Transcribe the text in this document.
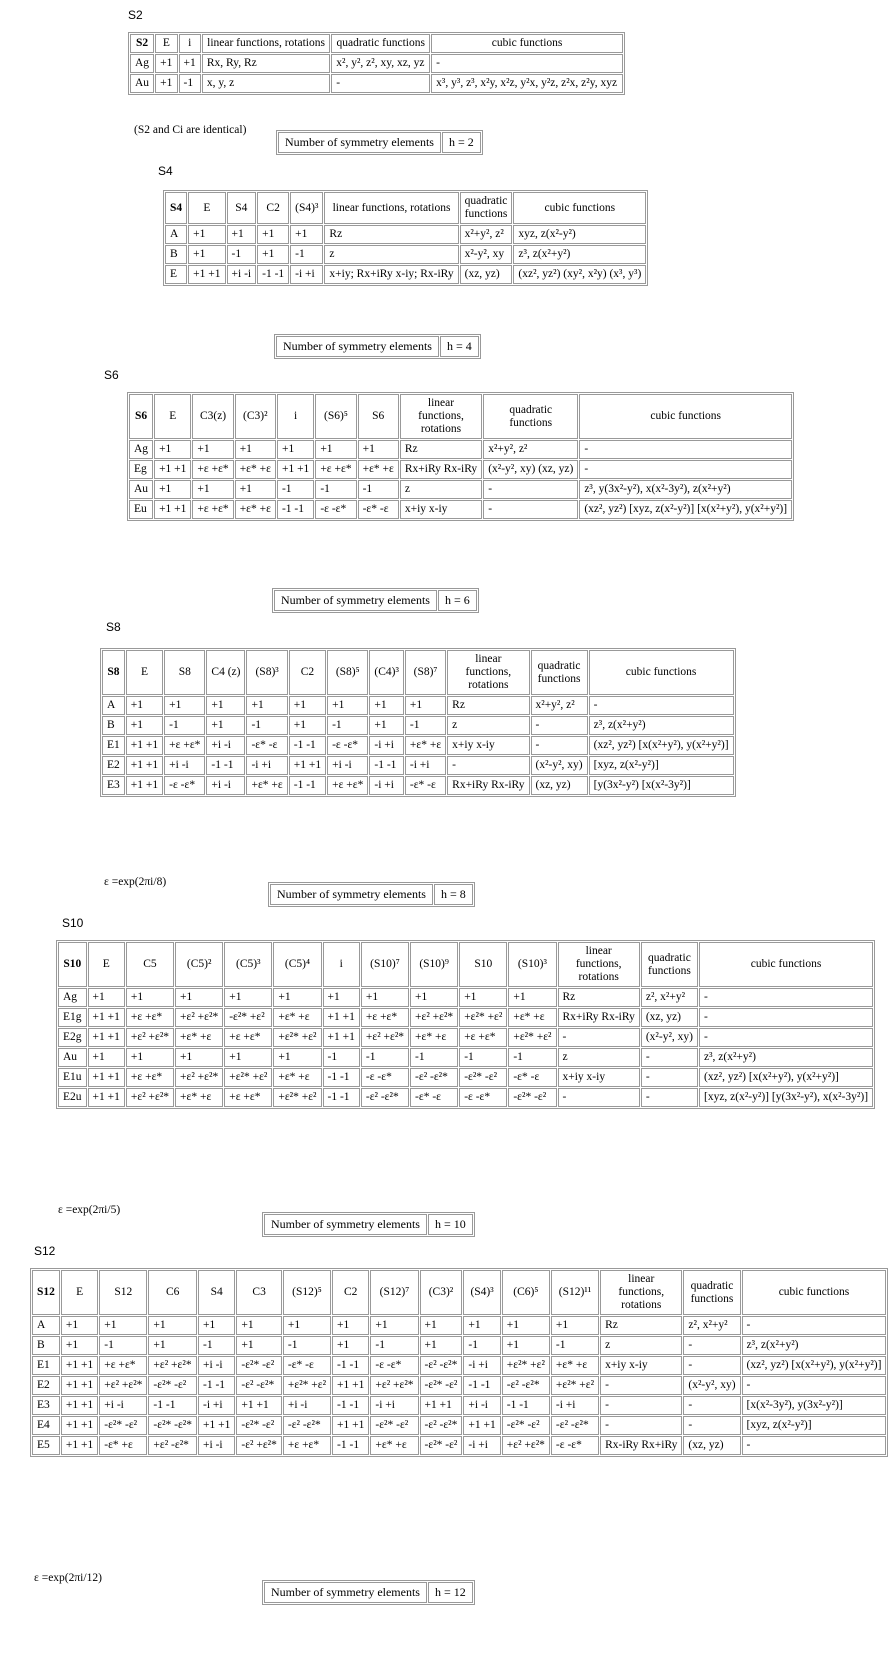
S2
S2	E	i	linear functions, rotations	quadratic functions	cubic functions
Ag	+1	+1	Rx, Ry, Rz	x², y², z², xy, xz, yz	-
Au	+1	-1	x, y, z	-	x³, y³, z³, x²y, x²z, y²x, y²z, z²x, z²y, xyz
(S2 and Ci are identical)
Number of symmetry elements	h = 2
S4
S4	E	S4	C2	(S4)³	linear functions, rotations	quadratic functions	cubic functions
A	+1	+1	+1	+1	Rz	x²+y², z²	xyz, z(x²-y²)
B	+1	-1	+1	-1	z	x²-y², xy	z³, z(x²+y²)
E	+1 +1	+i -i	-1 -1	-i +i	x+iy; Rx+iRy x-iy; Rx-iRy	(xz, yz)	(xz², yz²) (xy², x²y) (x³, y³)
Number of symmetry elements	h = 4
S6
S6	E	C3(z)	(C3)²	i	(S6)⁵	S6	linear functions, rotations	quadratic functions	cubic functions
Ag	+1	+1	+1	+1	+1	+1	Rz	x²+y², z²	-
Eg	+1 +1	+ε +ε*	+ε* +ε	+1 +1	+ε +ε*	+ε* +ε	Rx+iRy Rx-iRy	(x²-y², xy) (xz, yz)	-
Au	+1	+1	+1	-1	-1	-1	z	-	z³, y(3x²-y²), x(x²-3y²), z(x²+y²)
Eu	+1 +1	+ε +ε*	+ε* +ε	-1 -1	-ε -ε*	-ε* -ε	x+iy x-iy	-	(xz², yz²) [xyz, z(x²-y²)] [x(x²+y²), y(x²+y²)]
Number of symmetry elements	h = 6
S8
S8	E	S8	C4 (z)	(S8)³	C2	(S8)⁵	(C4)³	(S8)⁷	linear functions, rotations	quadratic functions	cubic functions
A	+1	+1	+1	+1	+1	+1	+1	+1	Rz	x²+y², z²	-
B	+1	-1	+1	-1	+1	-1	+1	-1	z	-	z³, z(x²+y²)
E1	+1 +1	+ε +ε*	+i -i	-ε* -ε	-1 -1	-ε -ε*	-i +i	+ε* +ε	x+iy x-iy	-	(xz², yz²) [x(x²+y²), y(x²+y²)]
E2	+1 +1	+i -i	-1 -1	-i +i	+1 +1	+i -i	-1 -1	-i +i	-	(x²-y², xy)	[xyz, z(x²-y²)]
E3	+1 +1	-ε -ε*	+i -i	+ε* +ε	-1 -1	+ε +ε*	-i +i	-ε* -ε	Rx+iRy Rx-iRy	(xz, yz)	[y(3x²-y²) [x(x²-3y²)]
ε =exp(2πi/8)
Number of symmetry elements	h = 8
S10
S10	E	C5	(C5)²	(C5)³	(C5)⁴	i	(S10)⁷	(S10)⁹	S10	(S10)³	linear functions, rotations	quadratic functions	cubic functions
Ag	+1	+1	+1	+1	+1	+1	+1	+1	+1	+1	Rz	z², x²+y²	-
E1g	+1 +1	+ε +ε*	+ε² +ε²*	-ε²* +ε²	+ε* +ε	+1 +1	+ε +ε*	+ε² +ε²*	+ε²* +ε²	+ε* +ε	Rx+iRy Rx-iRy	(xz, yz)	-
E2g	+1 +1	+ε² +ε²*	+ε* +ε	+ε +ε*	+ε²* +ε²	+1 +1	+ε² +ε²*	+ε* +ε	+ε +ε*	+ε²* +ε²	-	(x²-y², xy)	-
Au	+1	+1	+1	+1	+1	-1	-1	-1	-1	-1	z	-	z³, z(x²+y²)
E1u	+1 +1	+ε +ε*	+ε² +ε²*	+ε²* +ε²	+ε* +ε	-1 -1	-ε -ε*	-ε² -ε²*	-ε²* -ε²	-ε* -ε	x+iy x-iy	-	(xz², yz²) [x(x²+y²), y(x²+y²)]
E2u	+1 +1	+ε² +ε²*	+ε* +ε	+ε +ε*	+ε²* +ε²	-1 -1	-ε² -ε²*	-ε* -ε	-ε -ε*	-ε²* -ε²	-	-	[xyz, z(x²-y²)] [y(3x²-y²), x(x²-3y²)]
ε =exp(2πi/5)
Number of symmetry elements	h = 10
S12
S12	E	S12	C6	S4	C3	(S12)⁵	C2	(S12)⁷	(C3)²	(S4)³	(C6)⁵	(S12)¹¹	linear functions, rotations	quadratic functions	cubic functions
A	+1	+1	+1	+1	+1	+1	+1	+1	+1	+1	+1	+1	Rz	z², x²+y²	-
B	+1	-1	+1	-1	+1	-1	+1	-1	+1	-1	+1	-1	z	-	z³, z(x²+y²)
E1	+1 +1	+ε +ε*	+ε² +ε²*	+i -i	-ε²* -ε²	-ε* -ε	-1 -1	-ε -ε*	-ε² -ε²*	-i +i	+ε²* +ε²	+ε* +ε	x+iy x-iy	-	(xz², yz²) [x(x²+y²), y(x²+y²)]
E2	+1 +1	+ε² +ε²*	-ε²* -ε²	-1 -1	-ε² -ε²*	+ε²* +ε²	+1 +1	+ε² +ε²*	-ε²* -ε²	-1 -1	-ε² -ε²*	+ε²* +ε²	-	(x²-y², xy)	-
E3	+1 +1	+i -i	-1 -1	-i +i	+1 +1	+i -i	-1 -1	-i +i	+1 +1	+i -i	-1 -1	-i +i	-	-	[x(x²-3y²), y(3x²-y²)]
E4	+1 +1	-ε²* -ε²	-ε²* -ε²*	+1 +1	-ε²* -ε²	-ε² -ε²*	+1 +1	-ε²* -ε²	-ε² -ε²*	+1 +1	-ε²* -ε²	-ε² -ε²*	-	-	[xyz, z(x²-y²)]
E5	+1 +1	-ε* +ε	+ε² -ε²*	+i -i	-ε² +ε²*	+ε +ε*	-1 -1	+ε* +ε	-ε²* -ε²	-i +i	+ε² +ε²*	-ε -ε*	Rx-iRy Rx+iRy	(xz, yz)	-
ε =exp(2πi/12)
Number of symmetry elements	h = 12
